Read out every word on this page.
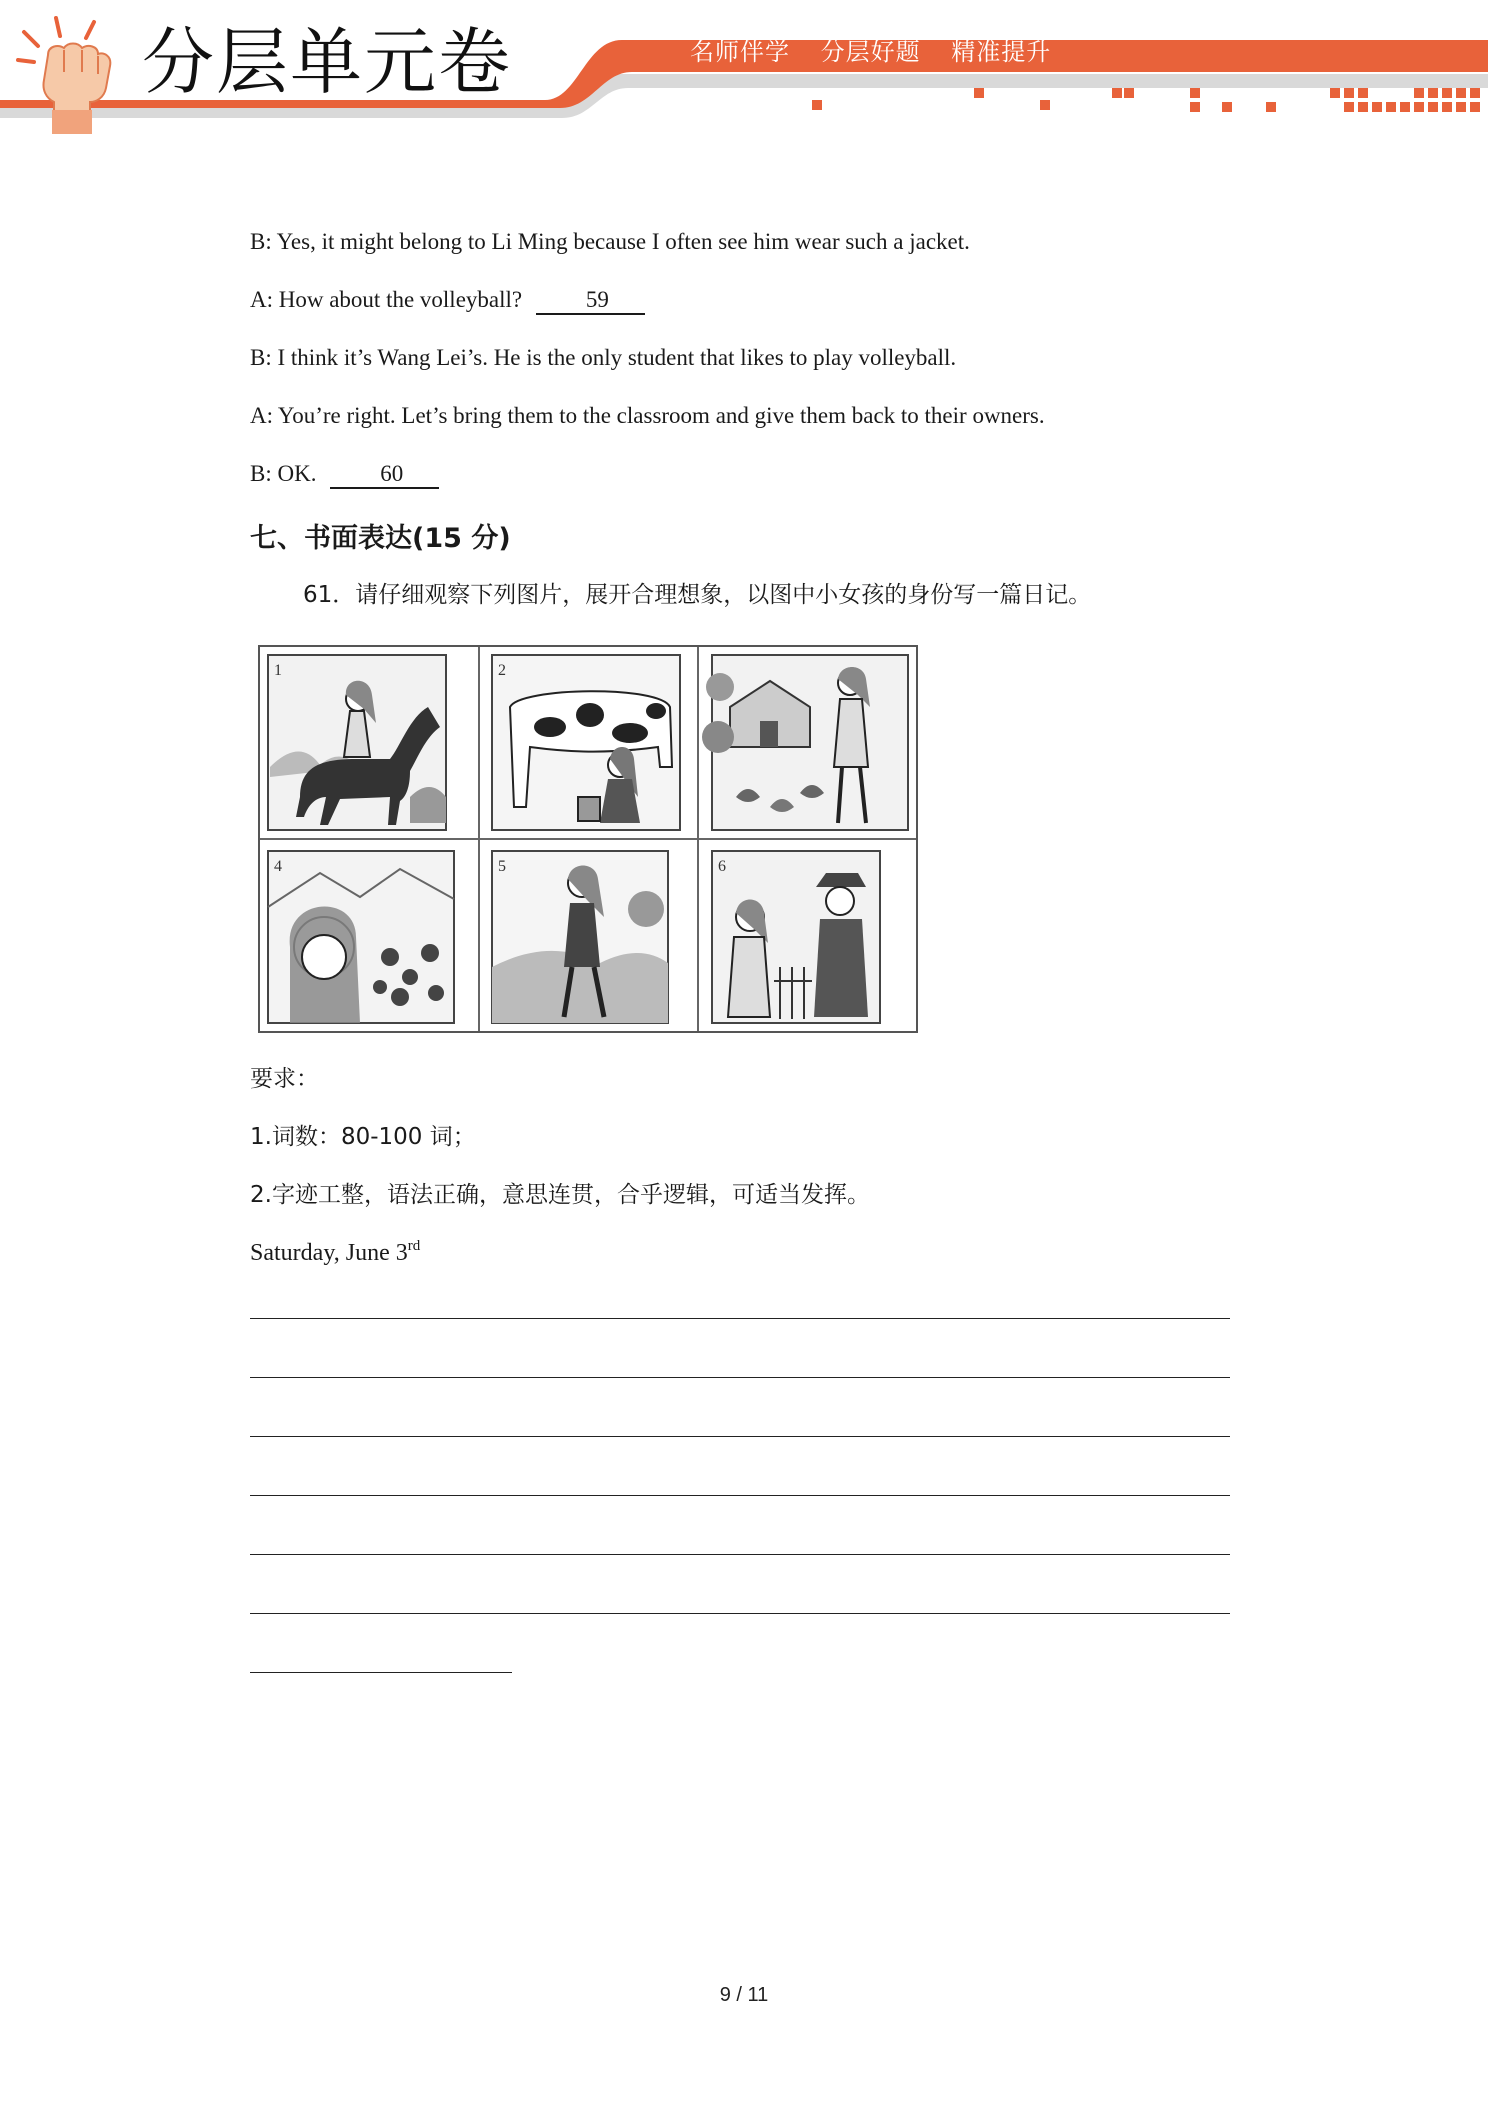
分层单元卷	名师伴学 分层好题 精准提升
B: Yes, it might belong to Li Ming because I often see him wear such a jacket.
A: How about the volleyball?	59
B: I think it’s Wang Lei’s. He is the only student that likes to play volleyball.
A: You’re right. Let’s bring them to the classroom and give them back to their owners.
B: OK.	60
七、书面表达(15 分)
61．请仔细观察下列图片，展开合理想象，以图中小女孩的身份写一篇日记。
1	2
4	5	6
要求：
1.词数：80-100 词；
2.字迹工整，语法正确，意思连贯，合乎逻辑，可适当发挥。
Saturday, June 3rd
9 / 11
